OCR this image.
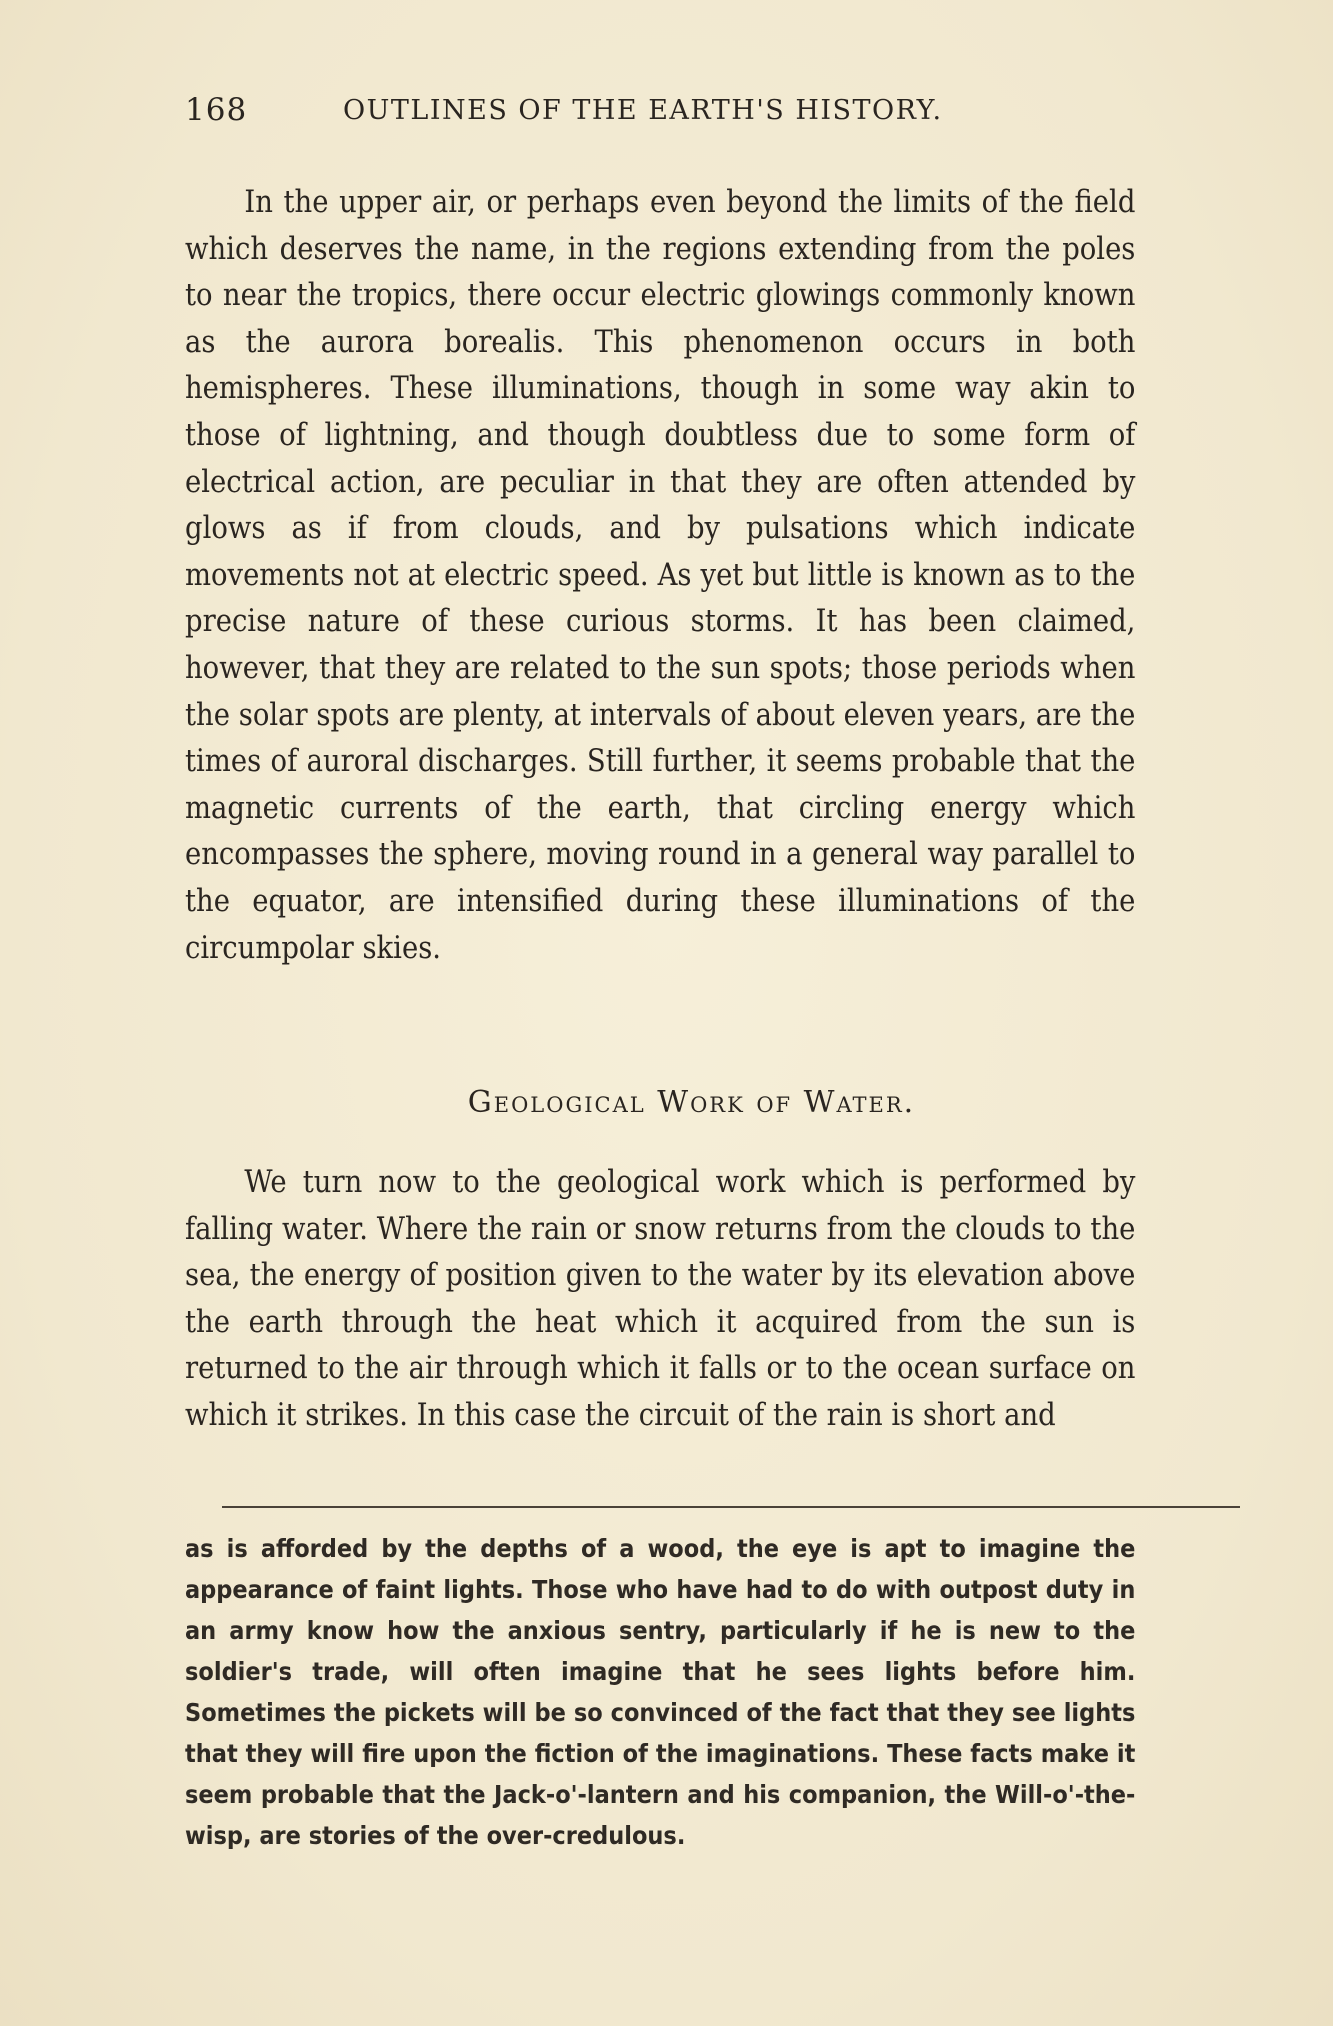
168	OUTLINES OF THE EARTH'S HISTORY.

In the upper air, or perhaps even beyond the limits of the field which deserves the name, in the regions extending from the poles to near the tropics, there occur electric glowings commonly known as the aurora borealis. This phenomenon occurs in both hemispheres. These illuminations, though in some way akin to those of lightning, and though doubtless due to some form of electrical action, are peculiar in that they are often attended by glows as if from clouds, and by pulsations which indicate movements not at electric speed. As yet but little is known as to the precise nature of these curious storms. It has been claimed, however, that they are related to the sun spots; those periods when the solar spots are plenty, at intervals of about eleven years, are the times of auroral discharges. Still further, it seems probable that the magnetic currents of the earth, that circling energy which encompasses the sphere, moving round in a general way parallel to the equator, are intensified during these illuminations of the circumpolar skies.

Geological Work of Water.

We turn now to the geological work which is performed by falling water. Where the rain or snow returns from the clouds to the sea, the energy of position given to the water by its elevation above the earth through the heat which it acquired from the sun is returned to the air through which it falls or to the ocean surface on which it strikes. In this case the circuit of the rain is short and

as is afforded by the depths of a wood, the eye is apt to imagine the appearance of faint lights. Those who have had to do with outpost duty in an army know how the anxious sentry, particularly if he is new to the soldier's trade, will often imagine that he sees lights before him. Sometimes the pickets will be so convinced of the fact that they see lights that they will fire upon the fiction of the imaginations. These facts make it seem probable that the Jack-o'-lantern and his companion, the Will-o'-the-wisp, are stories of the over-credulous.
